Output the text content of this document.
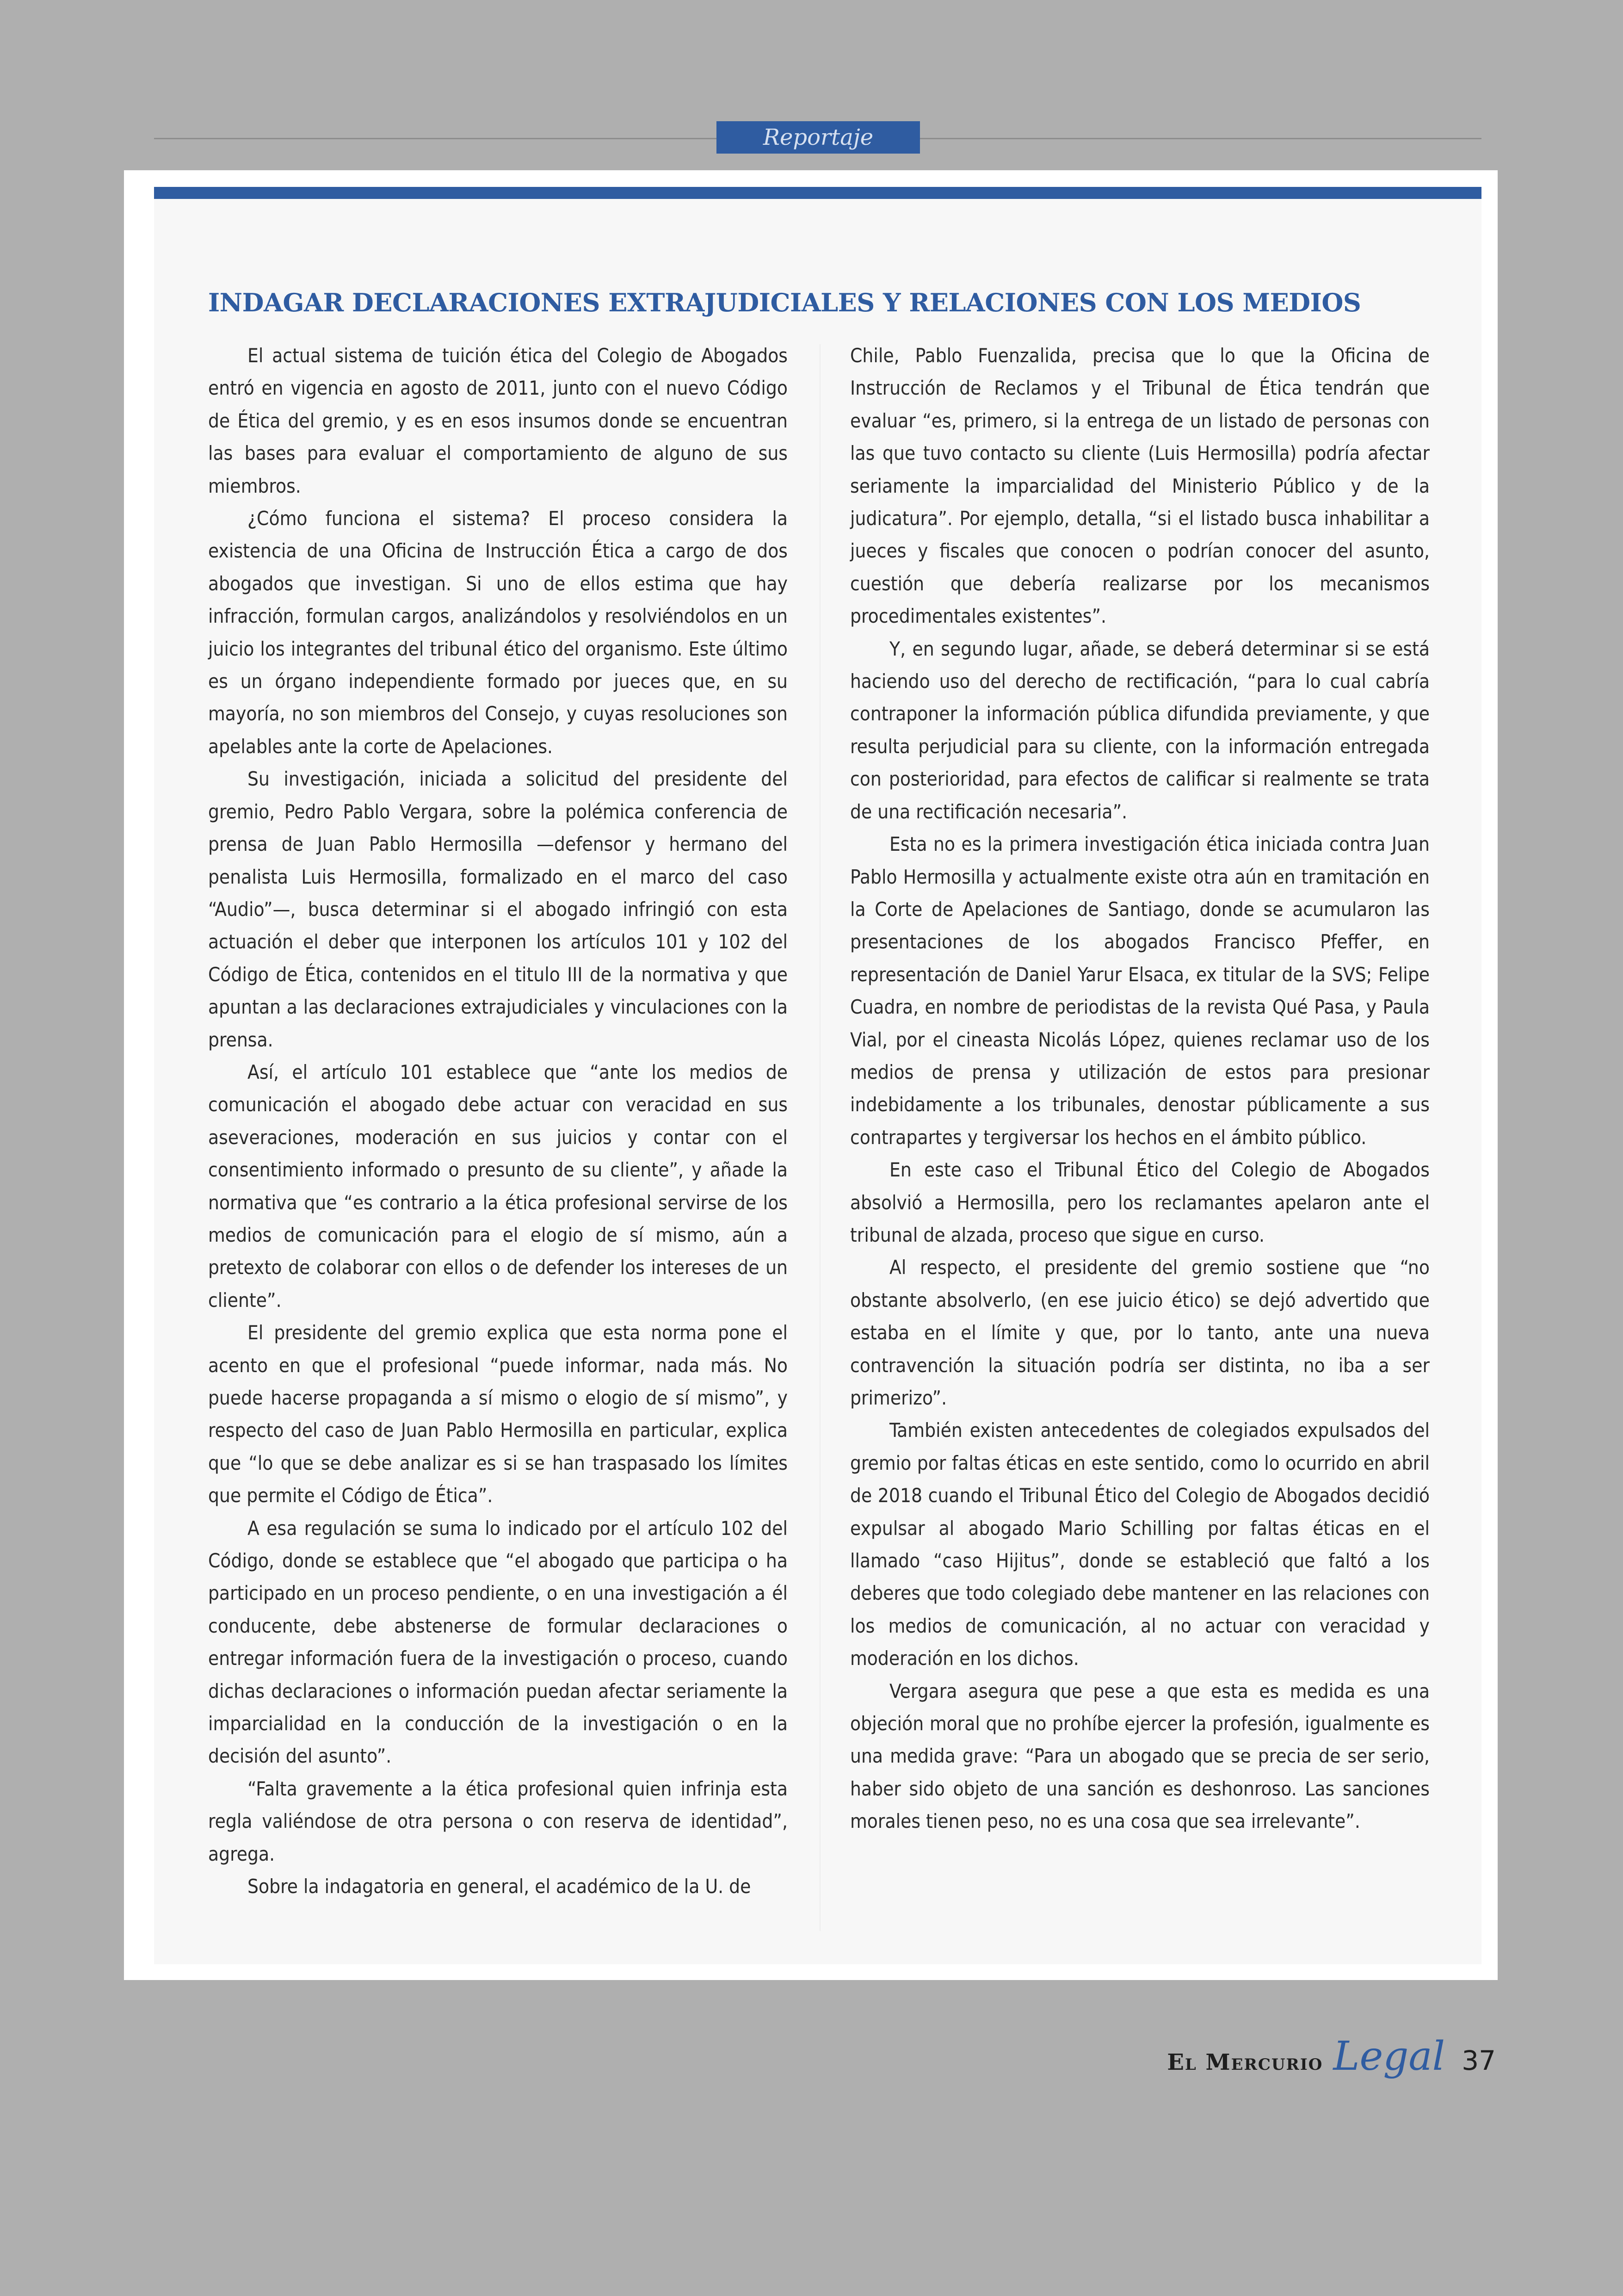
Reportaje
INDAGAR DECLARACIONES EXTRAJUDICIALES Y RELACIONES CON LOS MEDIOS

El actual sistema de tuición ética del Colegio de Abogados entró en vigencia en agosto de 2011, junto con el nuevo Código de Ética del gremio, y es en esos insumos donde se encuentran las bases para evaluar el comportamiento de alguno de sus miembros.

¿Cómo funciona el sistema? El proceso considera la existencia de una Oficina de Instrucción Ética a cargo de dos abogados que investigan. Si uno de ellos estima que hay infracción, formulan cargos, analizándolos y resolviéndolos en un juicio los integrantes del tribunal ético del organismo. Este último es un órgano independiente formado por jueces que, en su mayoría, no son miembros del Consejo, y cuyas resoluciones son apelables ante la corte de Apelaciones.

Su investigación, iniciada a solicitud del presidente del gremio, Pedro Pablo Vergara, sobre la polémica conferencia de prensa de Juan Pablo Hermosilla —defensor y hermano del penalista Luis Hermosilla, formalizado en el marco del caso “Audio”—, busca determinar si el abogado infringió con esta actuación el deber que interponen los artículos 101 y 102 del Código de Ética, contenidos en el titulo III de la normativa y que apuntan a las declaraciones extrajudiciales y vinculaciones con la prensa.

Así, el artículo 101 establece que “ante los medios de comunicación el abogado debe actuar con veracidad en sus aseveraciones, moderación en sus juicios y contar con el consentimiento informado o presunto de su cliente”, y añade la normativa que “es contrario a la ética profesional servirse de los medios de comunicación para el elogio de sí mismo, aún a pretexto de colaborar con ellos o de defender los intereses de un cliente”.

El presidente del gremio explica que esta norma pone el acento en que el profesional “puede informar, nada más. No puede hacerse propaganda a sí mismo o elogio de sí mismo”, y respecto del caso de Juan Pablo Hermosilla en particular, explica que “lo que se debe analizar es si se han traspasado los límites que permite el Código de Ética”.

A esa regulación se suma lo indicado por el artículo 102 del Código, donde se establece que “el abogado que participa o ha participado en un proceso pendiente, o en una investigación a él conducente, debe abstenerse de formular declaraciones o entregar información fuera de la investigación o proceso, cuando dichas declaraciones o información puedan afectar seriamente la imparcialidad en la conducción de la investigación o en la decisión del asunto”.

“Falta gravemente a la ética profesional quien infrinja esta regla valiéndose de otra persona o con reserva de identidad”, agrega.

Sobre la indagatoria en general, el académico de la U. de

Chile, Pablo Fuenzalida, precisa que lo que la Oficina de Instrucción de Reclamos y el Tribunal de Ética tendrán que evaluar “es, primero, si la entrega de un listado de personas con las que tuvo contacto su cliente (Luis Hermosilla) podría afectar seriamente la imparcialidad del Ministerio Público y de la judicatura”. Por ejemplo, detalla, “si el listado busca inhabilitar a jueces y fiscales que conocen o podrían conocer del asunto, cuestión que debería realizarse por los mecanismos procedimentales existentes”.

Y, en segundo lugar, añade, se deberá determinar si se está haciendo uso del derecho de rectificación, “para lo cual cabría contraponer la información pública difundida previamente, y que resulta perjudicial para su cliente, con la información entregada con posterioridad, para efectos de calificar si realmente se trata de una rectificación necesaria”.

Esta no es la primera investigación ética iniciada contra Juan Pablo Hermosilla y actualmente existe otra aún en tramitación en la Corte de Apelaciones de Santiago, donde se acumularon las presentaciones de los abogados Francisco Pfeffer, en representación de Daniel Yarur Elsaca, ex titular de la SVS; Felipe Cuadra, en nombre de periodistas de la revista Qué Pasa, y Paula Vial, por el cineasta Nicolás López, quienes reclamar uso de los medios de prensa y utilización de estos para presionar indebidamente a los tribunales, denostar públicamente a sus contrapartes y tergiversar los hechos en el ámbito público.

En este caso el Tribunal Ético del Colegio de Abogados absolvió a Hermosilla, pero los reclamantes apelaron ante el tribunal de alzada, proceso que sigue en curso.

Al respecto, el presidente del gremio sostiene que “no obstante absolverlo, (en ese juicio ético) se dejó advertido que estaba en el límite y que, por lo tanto, ante una nueva contravención la situación podría ser distinta, no iba a ser primerizo”.

También existen antecedentes de colegiados expulsados del gremio por faltas éticas en este sentido, como lo ocurrido en abril de 2018 cuando el Tribunal Ético del Colegio de Abogados decidió expulsar al abogado Mario Schilling por faltas éticas en el llamado “caso Hijitus”, donde se estableció que faltó a los deberes que todo colegiado debe mantener en las relaciones con los medios de comunicación, al no actuar con veracidad y moderación en los dichos.

Vergara asegura que pese a que esta es medida es una objeción moral que no prohíbe ejercer la profesión, igualmente es una medida grave: “Para un abogado que se precia de ser serio, haber sido objeto de una sanción es deshonroso. Las sanciones morales tienen peso, no es una cosa que sea irrelevante”.

El Mercurio Legal 37
